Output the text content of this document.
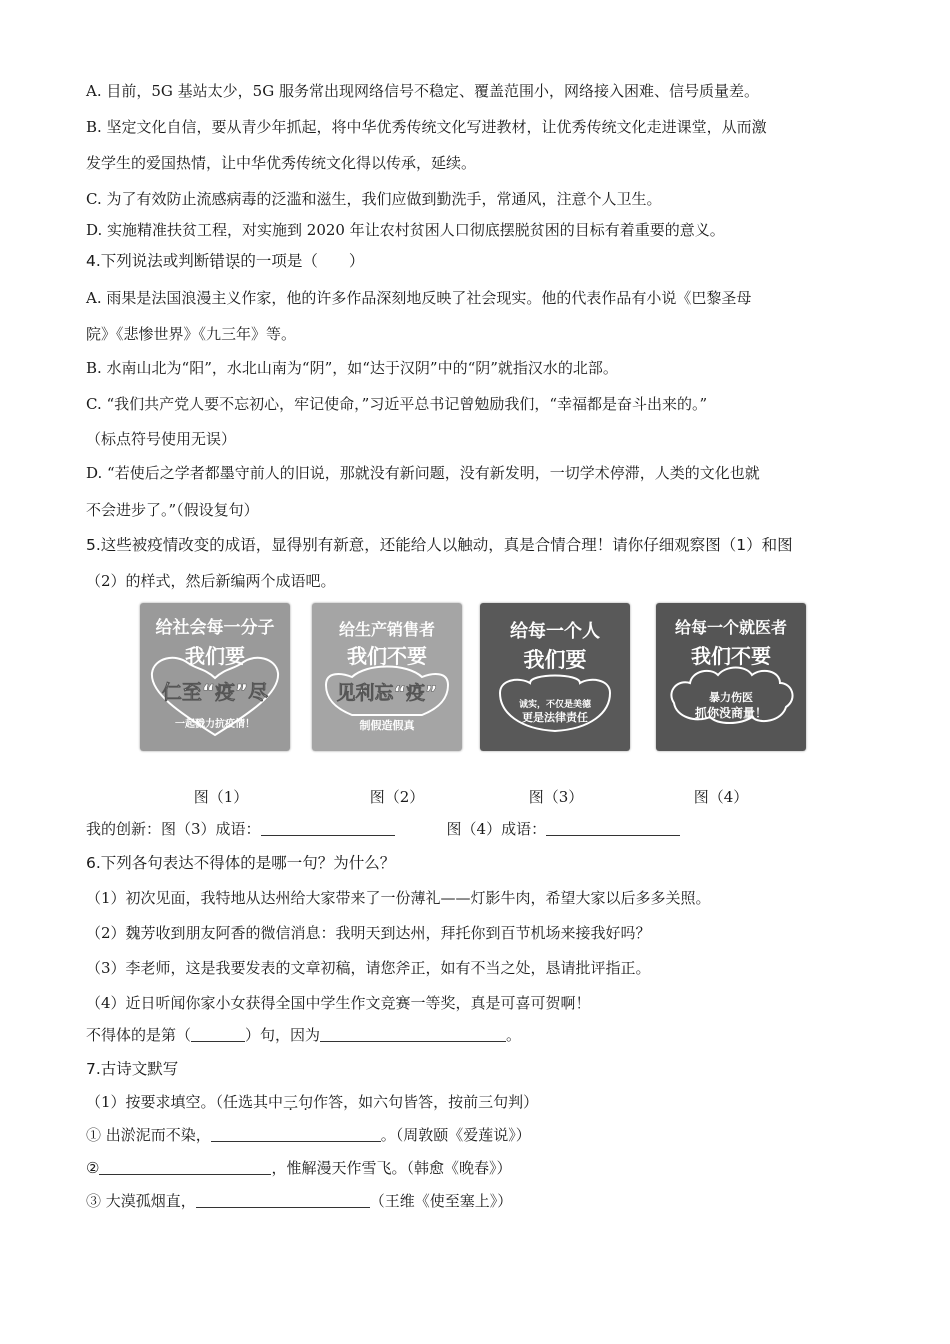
A. 目前，5G 基站太少，5G 服务常出现网络信号不稳定、覆盖范围小，网络接入困难、信号质量差。
B. 坚定文化自信，要从青少年抓起，将中华优秀传统文化写进教材，让优秀传统文化走进课堂，从而激
发学生的爱国热情，让中华优秀传统文化得以传承，延续。
C. 为了有效防止流感病毒的泛滥和滋生，我们应做到勤洗手，常通风，注意个人卫生。
D. 实施精准扶贫工程，对实施到 2020 年让农村贫困人口彻底摆脱贫困的目标有着重要的意义。
4.下列说法或判断错误的一项是（　　）
A. 雨果是法国浪漫主义作家，他的许多作品深刻地反映了社会现实。他的代表作品有小说《巴黎圣母
院》《悲惨世界》《九三年》等。
B. 水南山北为“阳”，水北山南为“阴”，如“达于汉阴”中的“阴”就指汉水的北部。
C. “我们共产党人要不忘初心，牢记使命，”习近平总书记曾勉励我们，“幸福都是奋斗出来的。”
（标点符号使用无误）
D. “若使后之学者都墨守前人的旧说，那就没有新问题，没有新发明，一切学术停滞，人类的文化也就
不会进步了。”（假设复句）
5.这些被疫情改变的成语，显得别有新意，还能给人以触动，真是合情合理！请你仔细观察图（1）和图
（2）的样式，然后新编两个成语吧。
给社会每一分子
我们要
仁至“疫”尽
一起戮力抗疫情！
给生产销售者
我们不要
见利忘“疫”
制假造假真
给每一个人
我们要
诚实，不仅是美德
更是法律责任
给每一个就医者
我们不要
暴力伤医
抓你没商量！
图（1）	图（2）	图（3）	图（4）
我的创新：图（3）成语：	图（4）成语：
6.下列各句表达不得体的是哪一句？为什么？
（1）初次见面，我特地从达州给大家带来了一份薄礼——灯影牛肉，希望大家以后多多关照。
（2）魏芳收到朋友阿香的微信消息：我明天到达州，拜托你到百节机场来接我好吗？
（3）李老师，这是我要发表的文章初稿，请您斧正，如有不当之处，恳请批评指正。
（4）近日听闻你家小女获得全国中学生作文竞赛一等奖，真是可喜可贺啊！
不得体的是第（	）句，因为	。
7.古诗文默写
（1）按要求填空。（任选其中三句作答，如六句皆答，按前三句判）
① 出淤泥而不染，	。（周敦颐《爱莲说》）
②	，惟解漫天作雪飞。（韩愈《晚春》）
③ 大漠孤烟直，	（王维《使至塞上》）
